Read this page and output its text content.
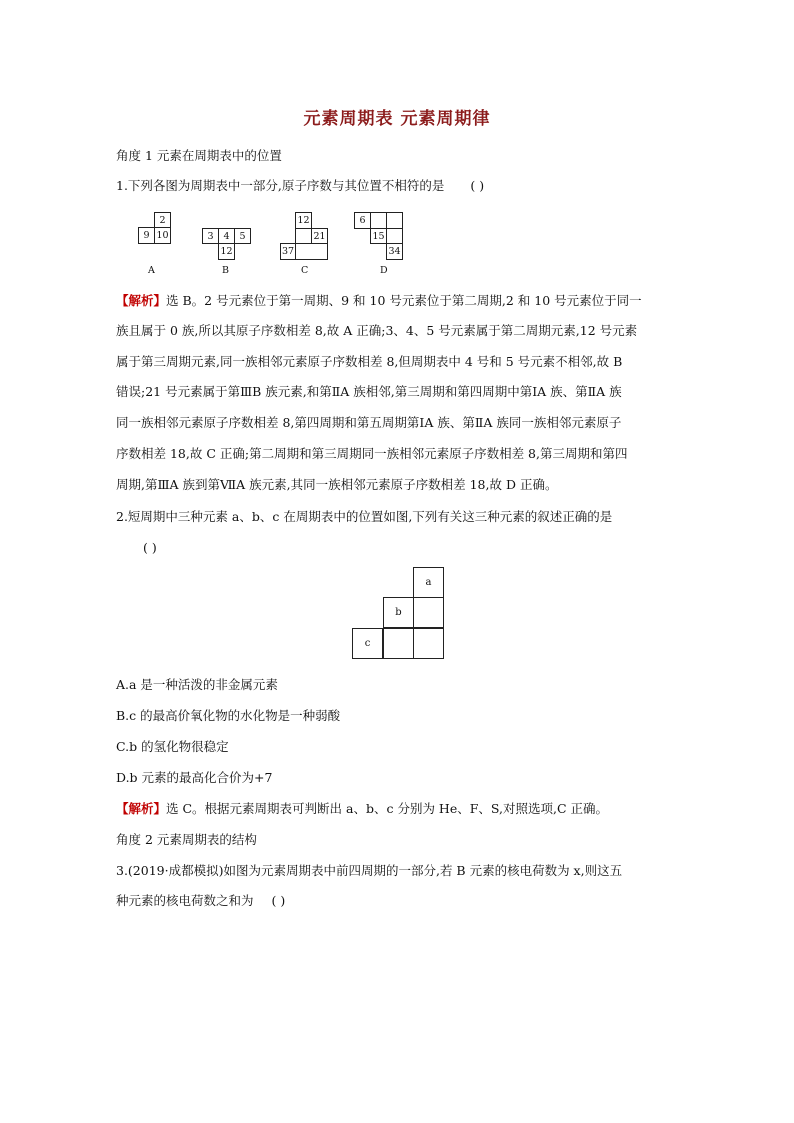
元素周期表 元素周期律
角度 1 元素在周期表中的位置
1.下列各图为周期表中一部分,原子序数与其位置不相符的是 ( )
2
9 10
A
3	4	5
12
B
12
21
37
C
6
15
34
D
【解析】选 B。2 号元素位于第一周期、9 和 10 号元素位于第二周期,2 和 10 号元素位于同一
族且属于 0 族,所以其原子序数相差 8,故 A 正确;3、4、5 号元素属于第二周期元素,12 号元素
属于第三周期元素,同一族相邻元素原子序数相差 8,但周期表中 4 号和 5 号元素不相邻,故 B
错误;21 号元素属于第ⅢB 族元素,和第ⅡA 族相邻,第三周期和第四周期中第ⅠA 族、第ⅡA 族
同一族相邻元素原子序数相差 8,第四周期和第五周期第ⅠA 族、第ⅡA 族同一族相邻元素原子
序数相差 18,故 C 正确;第二周期和第三周期同一族相邻元素原子序数相差 8,第三周期和第四
周期,第ⅢA 族到第ⅦA 族元素,其同一族相邻元素原子序数相差 18,故 D 正确。
2.短周期中三种元素 a、b、c 在周期表中的位置如图,下列有关这三种元素的叙述正确的是
( )
a
b
c
A.a 是一种活泼的非金属元素
B.c 的最高价氧化物的水化物是一种弱酸
C.b 的氢化物很稳定
D.b 元素的最高化合价为+7
【解析】选 C。根据元素周期表可判断出 a、b、c 分别为 He、F、S,对照选项,C 正确。
角度 2 元素周期表的结构
3.(2019·成都模拟)如图为元素周期表中前四周期的一部分,若 B 元素的核电荷数为 x,则这五
种元素的核电荷数之和为 ( )
